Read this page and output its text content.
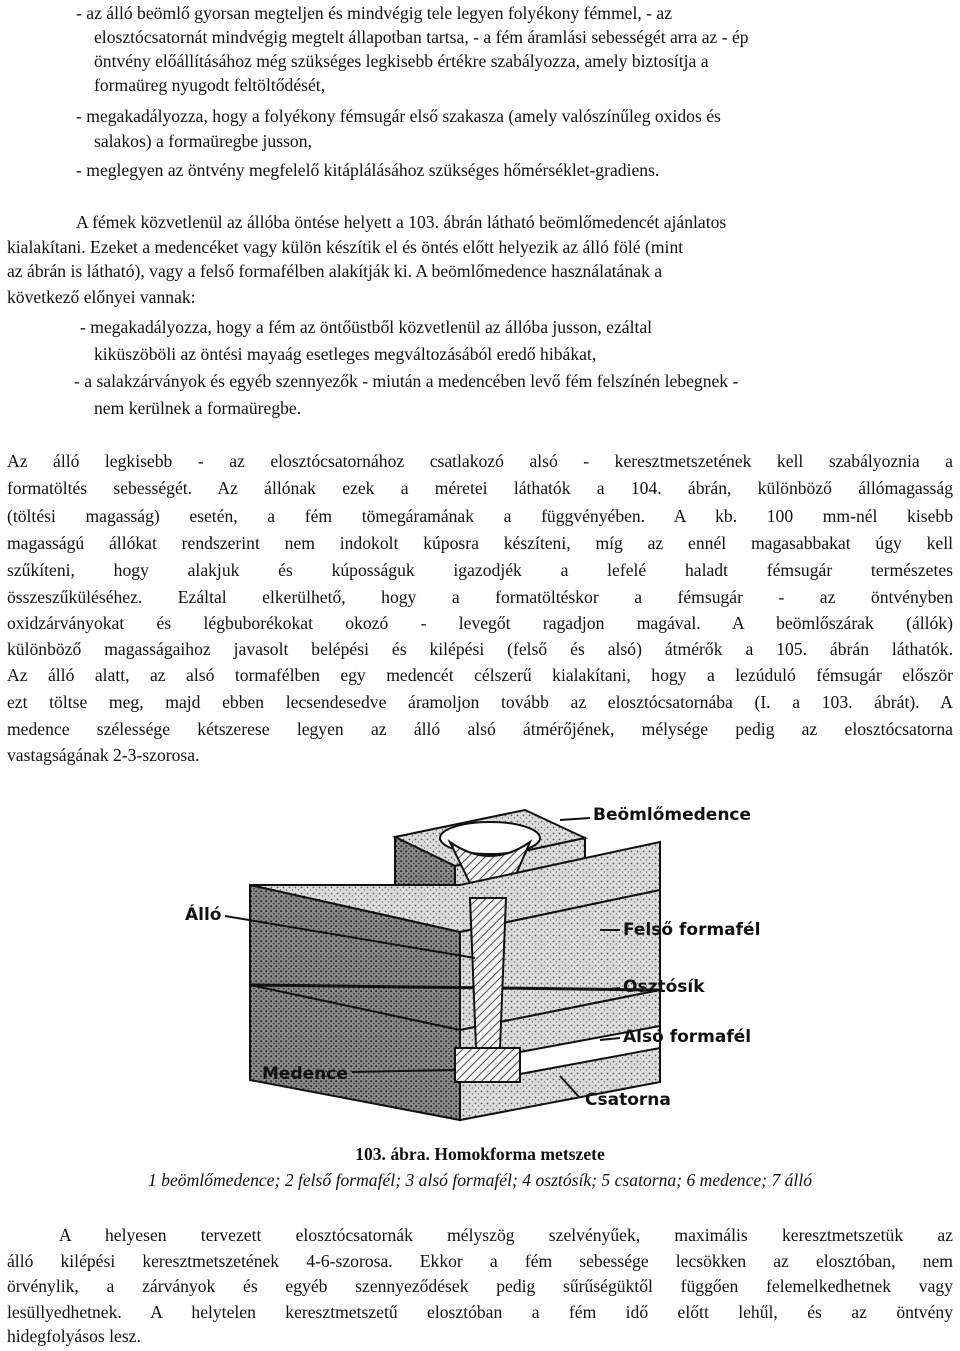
- az álló beömlő gyorsan megteljen és mindvégig tele legyen folyékony fémmel, - az

elosztócsatornát mindvégig megtelt állapotban tartsa, - a fém áramlási sebességét arra az - ép

öntvény előállításához még szükséges legkisebb értékre szabályozza, amely biztosítja a

formaüreg nyugodt feltöltődését,

- megakadályozza, hogy a folyékony fémsugár első szakasza (amely valószínűleg oxidos és

salakos) a formaüregbe jusson,

- meglegyen az öntvény megfelelő kitáplálásához szükséges hőmérséklet-gradiens.

A fémek közvetlenül az állóba öntése helyett a 103. ábrán látható beömlőmedencét ajánlatos

kialakítani. Ezeket a medencéket vagy külön készítik el és öntés előtt helyezik az álló fölé (mint

az ábrán is látható), vagy a felső formafélben alakítják ki. A beömlőmedence használatának a

következő előnyei vannak:

- megakadályozza, hogy a fém az öntőüstből közvetlenül az állóba jusson, ezáltal

kiküszöböli az öntési mayaág esetleges megváltozásából eredő hibákat,

- a salakzárványok és egyéb szennyezők - miután a medencében levő fém felszínén lebegnek -

nem kerülnek a formaüregbe.

Az álló legkisebb - az elosztócsatornához csatlakozó alsó - keresztmetszetének kell szabályoznia a

formatöltés sebességét. Az állónak ezek a méretei láthatók a 104. ábrán, különböző állómagasság

(töltési magasság) esetén, a fém tömegáramának a függvényében. A kb. 100 mm-nél kisebb

magasságú állókat rendszerint nem indokolt kúposra készíteni, míg az ennél magasabbakat úgy kell

szűkíteni, hogy alakjuk és kúposságuk igazodjék a lefelé haladt fémsugár természetes

összeszűküléséhez. Ezáltal elkerülhető, hogy a formatöltéskor a fémsugár - az öntvényben

oxidzárványokat és légbuborékokat okozó - levegőt ragadjon magával. A beömlőszárak (állók)

különböző magasságaihoz javasolt belépési és kilépési (felső és alsó) átmérők a 105. ábrán láthatók.

Az álló alatt, az alsó tormafélben egy medencét célszerű kialakítani, hogy a lezúduló fémsugár először

ezt töltse meg, majd ebben lecsendesedve áramoljon tovább az elosztócsatornába (I. a 103. ábrát). A

medence szélessége kétszerese legyen az álló alsó átmérőjének, mélysége pedig az elosztócsatorna

vastagságának 2-3-szorosa.

Beömlőmedence
Álló
Felső formafél
Osztósík
Alsó formafél
Medence
Csatorna

103. ábra. Homokforma metszete

1 beömlőmedence; 2 felső formafél; 3 alsó formafél; 4 osztósík; 5 csatorna; 6 medence; 7 álló

A helyesen tervezett elosztócsatornák mélyszög szelvényűek, maximális keresztmetszetük az

álló kilépési keresztmetszetének 4-6-szorosa. Ekkor a fém sebessége lecsökken az elosztóban, nem

örvénylik, a zárványok és egyéb szennyeződések pedig sűrűségüktől függően felemelkedhetnek vagy

lesüllyedhetnek. A helytelen keresztmetszetű elosztóban a fém idő előtt lehűl, és az öntvény

hidegfolyásos lesz.
